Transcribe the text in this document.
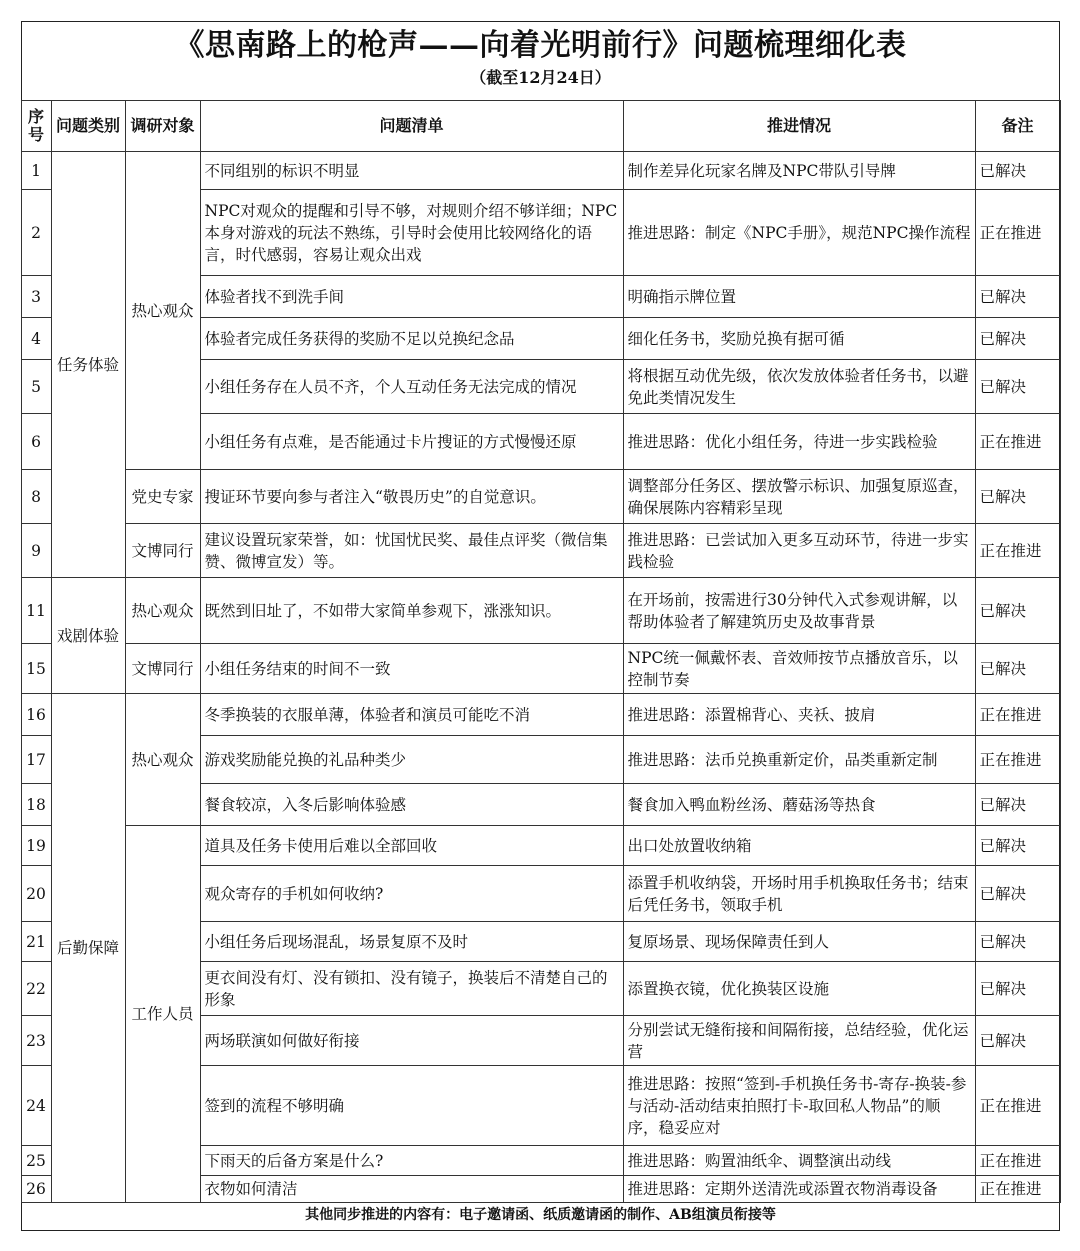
《思南路上的枪声——向着光明前行》问题梳理细化表
（截至12月24日）
序号	问题类别	调研对象	问题清单	推进情况	备注
1	任务体验	热心观众	不同组别的标识不明显	制作差异化玩家名牌及NPC带队引导牌	已解决
2			NPC对观众的提醒和引导不够，对规则介绍不够详细；NPC本身对游戏的玩法不熟练，引导时会使用比较网络化的语言，时代感弱，容易让观众出戏	推进思路：制定《NPC手册》，规范NPC操作流程	正在推进
3			体验者找不到洗手间	明确指示牌位置	已解决
4			体验者完成任务获得的奖励不足以兑换纪念品	细化任务书，奖励兑换有据可循	已解决
5			小组任务存在人员不齐，个人互动任务无法完成的情况	将根据互动优先级，依次发放体验者任务书，以避免此类情况发生	已解决
6			小组任务有点难，是否能通过卡片搜证的方式慢慢还原	推进思路：优化小组任务，待进一步实践检验	正在推进
8		党史专家	搜证环节要向参与者注入“敬畏历史”的自觉意识。	调整部分任务区、摆放警示标识、加强复原巡查，确保展陈内容精彩呈现	已解决
9		文博同行	建议设置玩家荣誉，如：忧国忧民奖、最佳点评奖（微信集赞、微博宣发）等。	推进思路：已尝试加入更多互动环节，待进一步实践检验	正在推进
11	戏剧体验	热心观众	既然到旧址了，不如带大家简单参观下，涨涨知识。	在开场前，按需进行30分钟代入式参观讲解，以帮助体验者了解建筑历史及故事背景	已解决
15		文博同行	小组任务结束的时间不一致	NPC统一佩戴怀表、音效师按节点播放音乐，以控制节奏	已解决
16	后勤保障	热心观众	冬季换装的衣服单薄，体验者和演员可能吃不消	推进思路：添置棉背心、夹袄、披肩	正在推进
17			游戏奖励能兑换的礼品种类少	推进思路：法币兑换重新定价，品类重新定制	正在推进
18			餐食较凉，入冬后影响体验感	餐食加入鸭血粉丝汤、蘑菇汤等热食	已解决
19		工作人员	道具及任务卡使用后难以全部回收	出口处放置收纳箱	已解决
20			观众寄存的手机如何收纳?	添置手机收纳袋，开场时用手机换取任务书；结束后凭任务书，领取手机	已解决
21			小组任务后现场混乱，场景复原不及时	复原场景、现场保障责任到人	已解决
22			更衣间没有灯、没有锁扣、没有镜子，换装后不清楚自己的形象	添置换衣镜，优化换装区设施	已解决
23			两场联演如何做好衔接	分别尝试无缝衔接和间隔衔接，总结经验，优化运营	已解决
24			签到的流程不够明确	推进思路：按照“签到-手机换任务书-寄存-换装-参与活动-活动结束拍照打卡-取回私人物品”的顺序，稳妥应对	正在推进
25			下雨天的后备方案是什么?	推进思路：购置油纸伞、调整演出动线	正在推进
26			衣物如何清洁	推进思路：定期外送清洗或添置衣物消毒设备	正在推进
其他同步推进的内容有：电子邀请函、纸质邀请函的制作、AB组演员衔接等
